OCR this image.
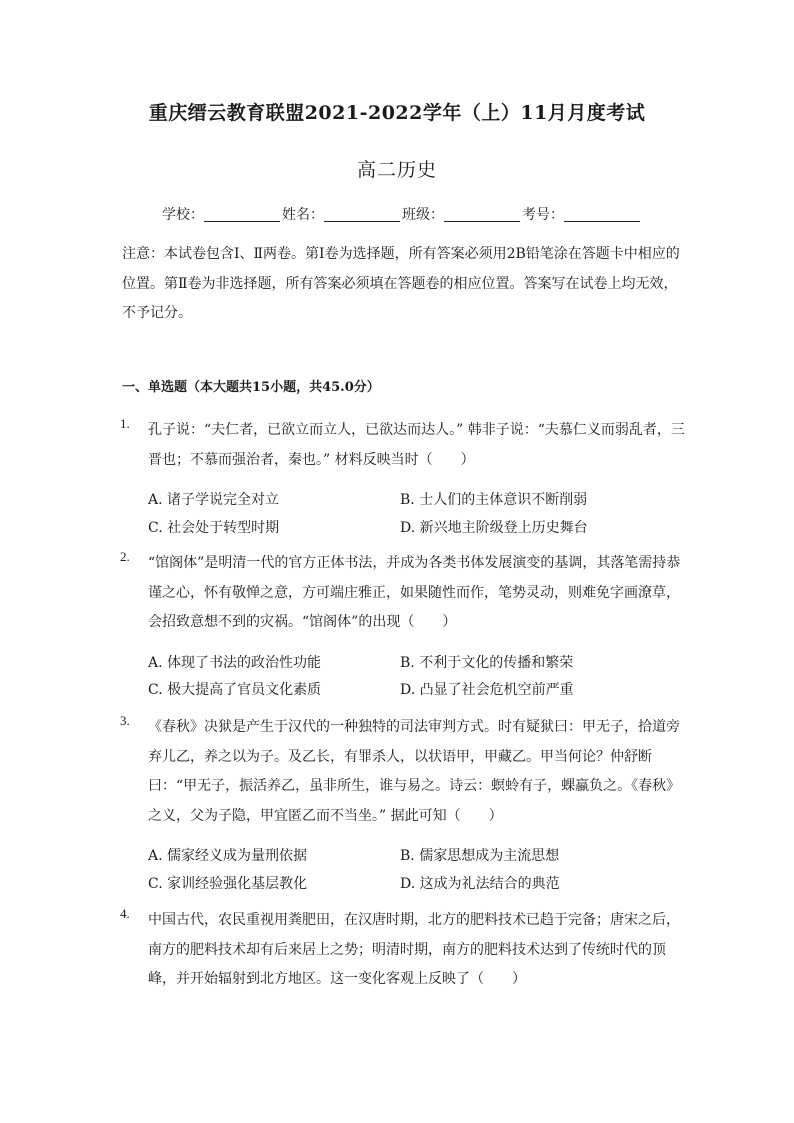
重庆缙云教育联盟2021-2022学年（上）11月月度考试
高二历史
学校：	姓名：	班级：	考号：
注意：本试卷包含Ⅰ、Ⅱ两卷。第Ⅰ卷为选择题，所有答案必须用2B铅笔涂在答题卡中相应的位置。第Ⅱ卷为非选择题，所有答案必须填在答题卷的相应位置。答案写在试卷上均无效，不予记分。
一、单选题（本大题共15小题，共45.0分）
1. 孔子说：“夫仁者，已欲立而立人，已欲达而达人。” 韩非子说：“夫慕仁义而弱乱者，三晋也；不慕而强治者，秦也。” 材料反映当时（　　）
A. 诸子学说完全对立	B. 士人们的主体意识不断削弱
C. 社会处于转型时期	D. 新兴地主阶级登上历史舞台
2. “馆阁体”是明清一代的官方正体书法，并成为各类书体发展演变的基调，其落笔需持恭谨之心，怀有敬惮之意，方可端庄雅正，如果随性而作，笔势灵动，则难免字画潦草，会招致意想不到的灾祸。“馆阁体”的出现（　　）
A. 体现了书法的政治性功能	B. 不利于文化的传播和繁荣
C. 极大提高了官员文化素质	D. 凸显了社会危机空前严重
3. 《春秋》决狱是产生于汉代的一种独特的司法审判方式。时有疑狱曰：甲无子，拾道旁弃儿乙，养之以为子。及乙长，有罪杀人，以状语甲，甲藏乙。甲当何论？仲舒断曰：“甲无子，振活养乙，虽非所生，谁与易之。诗云：螟蛉有子，蜾蠃负之。《春秋》之义，父为子隐，甲宜匿乙而不当坐。” 据此可知（　　）
A. 儒家经义成为量刑依据	B. 儒家思想成为主流思想
C. 家训经验强化基层教化	D. 这成为礼法结合的典范
4. 中国古代，农民重视用粪肥田，在汉唐时期，北方的肥料技术已趋于完备；唐宋之后，南方的肥料技术却有后来居上之势；明清时期，南方的肥料技术达到了传统时代的顶峰，并开始辐射到北方地区。这一变化客观上反映了（　　）
